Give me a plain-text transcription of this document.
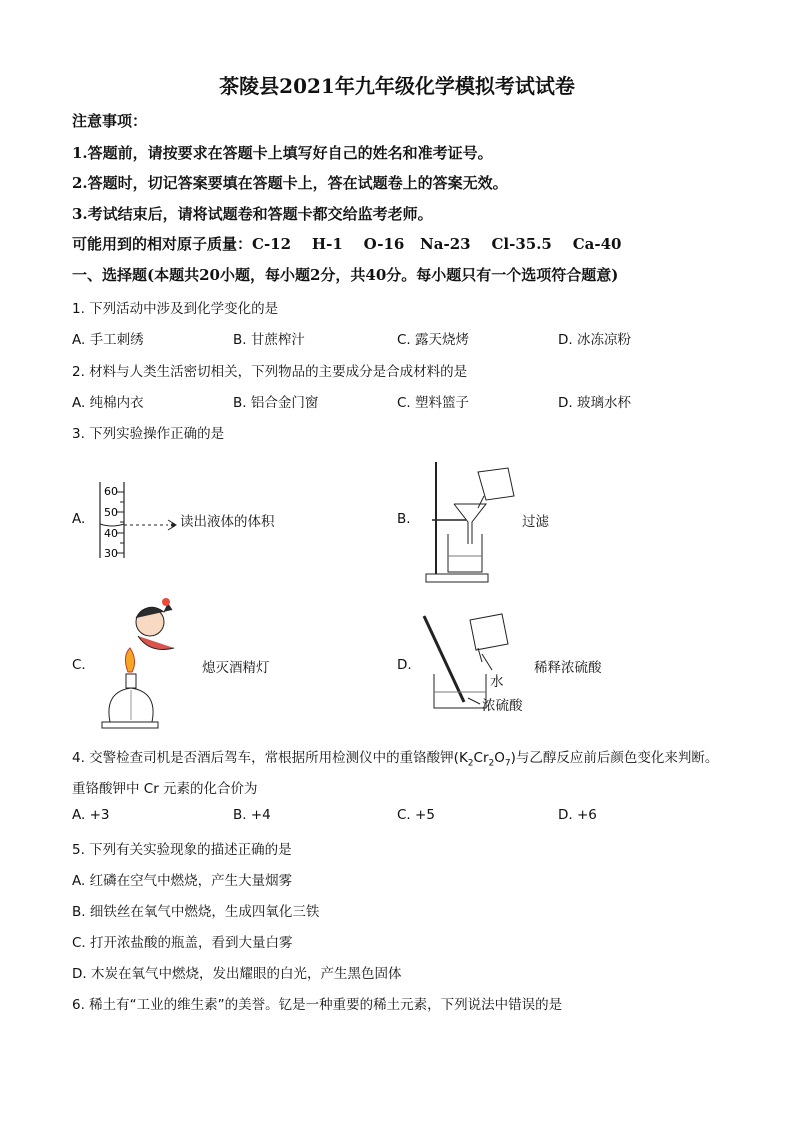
茶陵县2021年九年级化学模拟考试试卷
注意事项：
1.答题前，请按要求在答题卡上填写好自己的姓名和准考证号。
2.答题时，切记答案要填在答题卡上，答在试题卷上的答案无效。
3.考试结束后，请将试题卷和答题卡都交给监考老师。
可能用到的相对原子质量：C-12    H-1    O-16   Na-23    Cl-35.5    Ca-40
一、选择题(本题共20小题，每小题2分，共40分。每小题只有一个选项符合题意)
1. 下列活动中涉及到化学变化的是
A. 手工刺绣	B. 甘蔗榨汁	C. 露天烧烤	D. 冰冻凉粉
2. 材料与人类生活密切相关，下列物品的主要成分是合成材料的是
A. 纯棉内衣	B. 铝合金门窗	C. 塑料篮子	D. 玻璃水杯
3. 下列实验操作正确的是
A.
60
50
40
30
读出液体的体积	B.	过滤
C.	熄灭酒精灯	D.
水
浓硫酸
稀释浓硫酸
4. 交警检查司机是否酒后驾车，常根据所用检测仪中的重铬酸钾$(K_2Cr_2O_7)$与乙醇反应前后颜色变化来判断。
重铬酸钾中 Cr 元素的化合价为
A. +3	B. +4	C. +5	D. +6
5. 下列有关实验现象的描述正确的是
A. 红磷在空气中燃烧，产生大量烟雾
B. 细铁丝在氧气中燃烧，生成四氧化三铁
C. 打开浓盐酸的瓶盖，看到大量白雾
D. 木炭在氧气中燃烧，发出耀眼的白光，产生黑色固体
6. 稀土有“工业的维生素”的美誉。钇是一种重要的稀土元素，下列说法中错误的是
